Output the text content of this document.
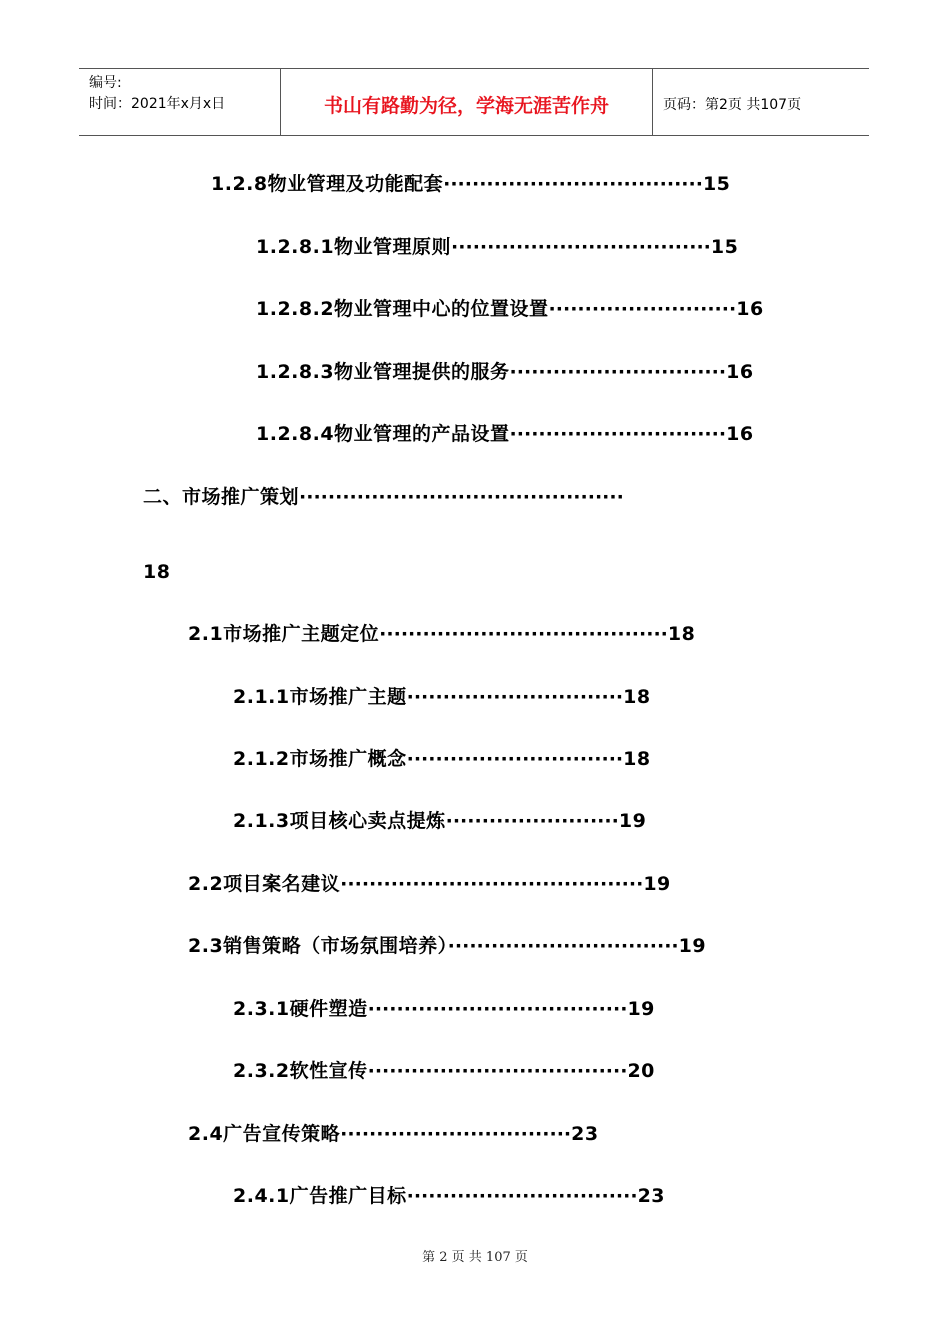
编号:
时间：2021年x月x日	书山有路勤为径，学海无涯苦作舟	页码：第2页 共107页
1.2.8物业管理及功能配套····································15
1.2.8.1物业管理原则····································15
1.2.8.2物业管理中心的位置设置··························16
1.2.8.3物业管理提供的服务······························16
1.2.8.4物业管理的产品设置······························16
二、市场推广策划·············································
18
2.1市场推广主题定位········································18
2.1.1市场推广主题······························18
2.1.2市场推广概念······························18
2.1.3项目核心卖点提炼························19
2.2项目案名建议··········································19
2.3销售策略（市场氛围培养）································19
2.3.1硬件塑造····································19
2.3.2软性宣传····································20
2.4广告宣传策略································23
2.4.1广告推广目标································23
第 2 页 共 107 页
